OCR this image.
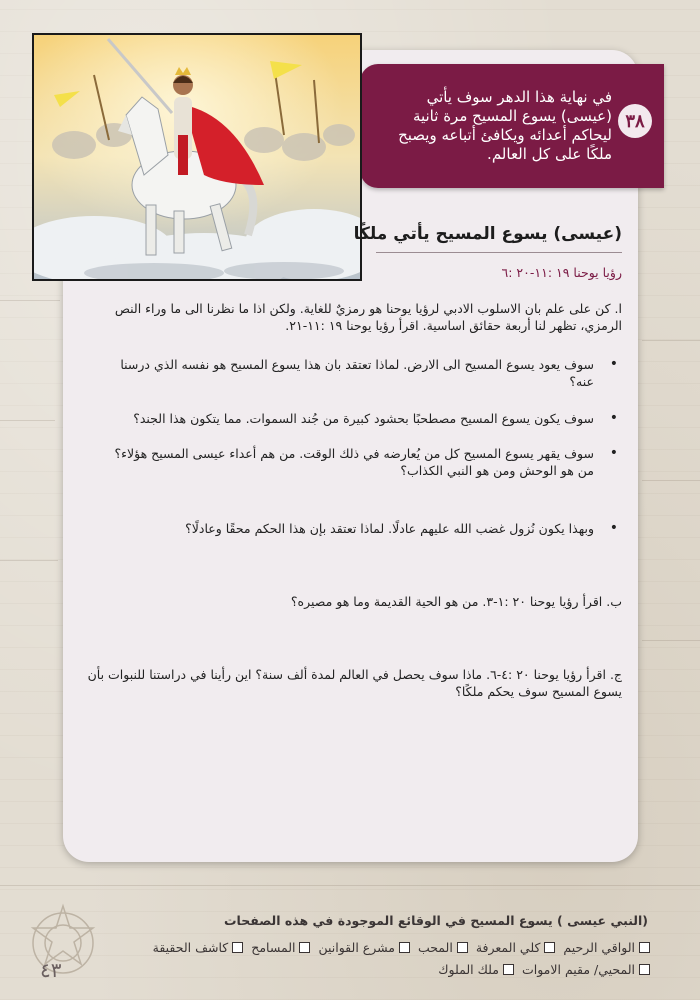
٣٨
في نهاية هذا الدهر سوف يأتي (عيسى) يسوع المسيح مرة ثانية ليحاكم أعدائه ويكافئ أتباعه ويصبح ملكًا على كل العالم.
(عيسى) يسوع المسيح يأتي ملكًا
رؤيا يوحنا ١٩ :١١-٢٠ :٦
ا. كن على علم بان الاسلوب الادبي لرؤيا يوحنا هو رمزيٌ للغاية. ولكن اذا ما نظرنا الى ما وراء النص الرمزي، تظهر لنا أربعة حقائق اساسية. اقرأ رؤيا يوحنا ١٩ :١١-٢١.
• سوف يعود يسوع المسيح الى الارض. لماذا تعتقد بان هذا يسوع المسيح هو نفسه الذي درسنا عنه؟
• سوف يكون يسوع المسيح مصطحبًا بحشود كبيرة من جُند السموات. مما يتكون هذا الجند؟
• سوف يقهر يسوع المسيح كل من يُعارضه في ذلك الوقت. من هم أعداء عيسى المسيح هؤلاء؟ من هو الوحش ومن هو النبي الكذاب؟
• وبهذا يكون نُزول غضب الله عليهم عادلًا. لماذا تعتقد بإن هذا الحكم محقًا وعادلًا؟
ب. اقرأ رؤيا يوحنا ٢٠ :١-٣. من هو الحية القديمة وما هو مصيره؟
ج. اقرأ رؤيا يوحنا ٢٠ :٤-٦. ماذا سوف يحصل في العالم لمدة ألف سنة؟ اين رأينا في دراستنا للنبوات بأن يسوع المسيح سوف يحكم ملكًا؟
(النبي عيسى ) يسوع المسيح في الوقائع الموجودة في هذه الصفحات
الواقي الرحيم
كلي المعرفة
المحب
مشرع القوانين
المسامح
كاشف الحقيقة
المحيي/ مقيم الاموات
ملك الملوك
٤٣
